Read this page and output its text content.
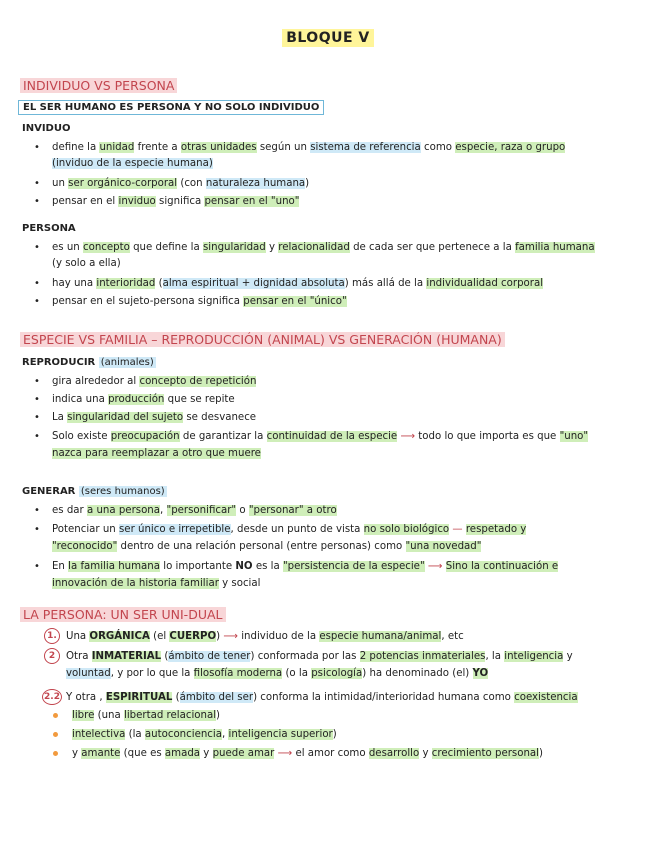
BLOQUE V
INDIVIDUO VS PERSONA
EL SER HUMANO ES PERSONA Y NO SOLO INDIVIDUO
INVIDUO
• define la unidad frente a otras unidades según un sistema de referencia como especie, raza o grupo
(inviduo de la especie humana)
• un ser orgánico-corporal (con naturaleza humana)
• pensar en el inviduo significa pensar en el "uno"
PERSONA
• es un concepto que define la singularidad y relacionalidad de cada ser que pertenece a la familia humana
(y solo a ella)
• hay una interioridad (alma espiritual + dignidad absoluta) más allá de la individualidad corporal
• pensar en el sujeto-persona significa pensar en el "único"
ESPECIE VS FAMILIA – REPRODUCCIÓN (ANIMAL) VS GENERACIÓN (HUMANA)
REPRODUCIR (animales)
• gira alrededor al concepto de repetición
• indica una producción que se repite
• La singularidad del sujeto se desvanece
• Solo existe preocupación de garantizar la continuidad de la especie ⟶ todo lo que importa es que "uno"
nazca para reemplazar a otro que muere
GENERAR (seres humanos)
• es dar a una persona, "personificar" o "personar" a otro
• Potenciar un ser único e irrepetible, desde un punto de vista no solo biológico — respetado y
"reconocido" dentro de una relación personal (entre personas) como "una novedad"
• En la familia humana lo importante NO es la "persistencia de la especie" ⟶ Sino la continuación e
innovación de la historia familiar y social
LA PERSONA: UN SER UNI-DUAL
1. Una ORGÁNICA (el CUERPO) ⟶ individuo de la especie humana/animal, etc
2	Otra INMATERIAL (ámbito de tener) conformada por las 2 potencias inmateriales, la inteligencia y
voluntad, y por lo que la filosofía moderna (o la psicología) ha denominado (el) YO
2.2 Y otra , ESPIRITUAL (ámbito del ser) conforma la intimidad/interioridad humana como coexistencia
libre (una libertad relacional)
intelectiva (la autoconciencia, inteligencia superior)
y amante (que es amada y puede amar ⟶ el amor como desarrollo y crecimiento personal)
